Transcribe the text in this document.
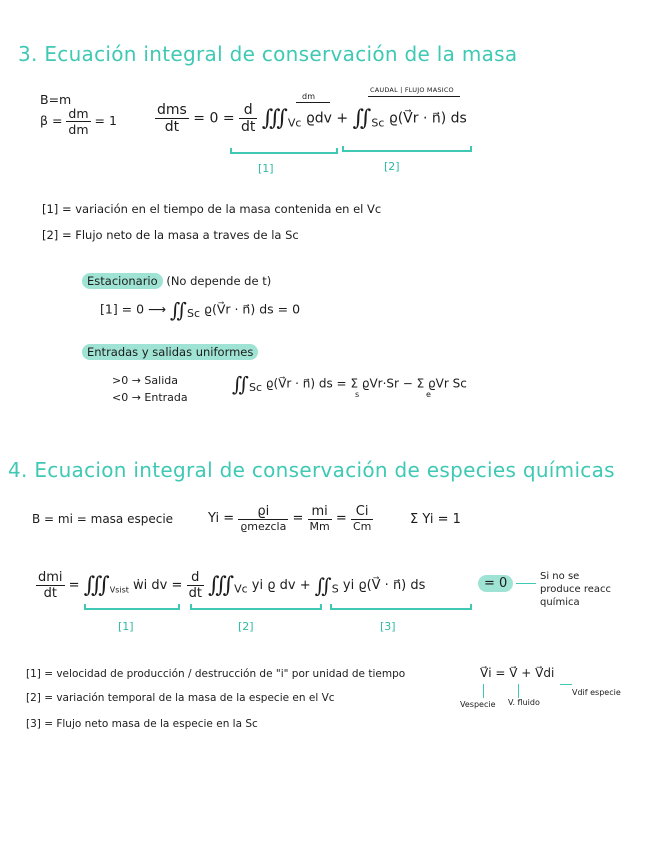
3. Ecuación integral de conservación de la masa
B=m
$\beta = \frac{dm}{dm} = 1$	$\frac{\text{dms}}{dt} = 0 = \frac{d}{dt}$ $∭_{Vc}$ $ϱdv + ∬_{Sc}$ ϱ(V⃗r · n⃗) ds
dm
CAUDAL | FLUJO MASICO
[1]	[2]
[1] = variación en el tiempo de la masa contenida en el Vc
[2] = Flujo neto de la masa a traves de la Sc
Estacionario (No depende de t)
[1] = 0 ⟶ $∬_{Sc}$ ϱ(V⃗r · n⃗) ds = 0
Entradas y salidas uniformes
>0 → Salida
<0 → Entrada
$∬_{Sc}$ ϱ(V⃗r · n⃗) ds = Σ ϱVr·Sr − Σ ϱVr Sc
s	e
4. Ecuacion integral de conservación de especies químicas
B = mi = masa especie	$Yi = \frac{ϱi}{\text{ϱmezcla}} = \frac{mi}{Mm} = \frac{Ci}{Cm}$	Σ Yi = 1
$\frac{\text{dmi}}{dt}$ = $∭_{Vsist}$ ẇi dv = $\frac{d}{dt}$ $∭_{Vc}$ yi ϱ dv + $∬_S$ yi ϱ(V⃗ · n⃗) ds	= 0	Si no se produce reacc química
[1]	[2]	[3]
[1] = velocidad de producción / destrucción de "i" por unidad de tiempo
[2] = variación temporal de la masa de la especie en el Vc
[3] = Flujo neto masa de la especie en la Sc
V⃗i = V⃗ + V⃗di
Vespecie V. fluido
Vdif especie
